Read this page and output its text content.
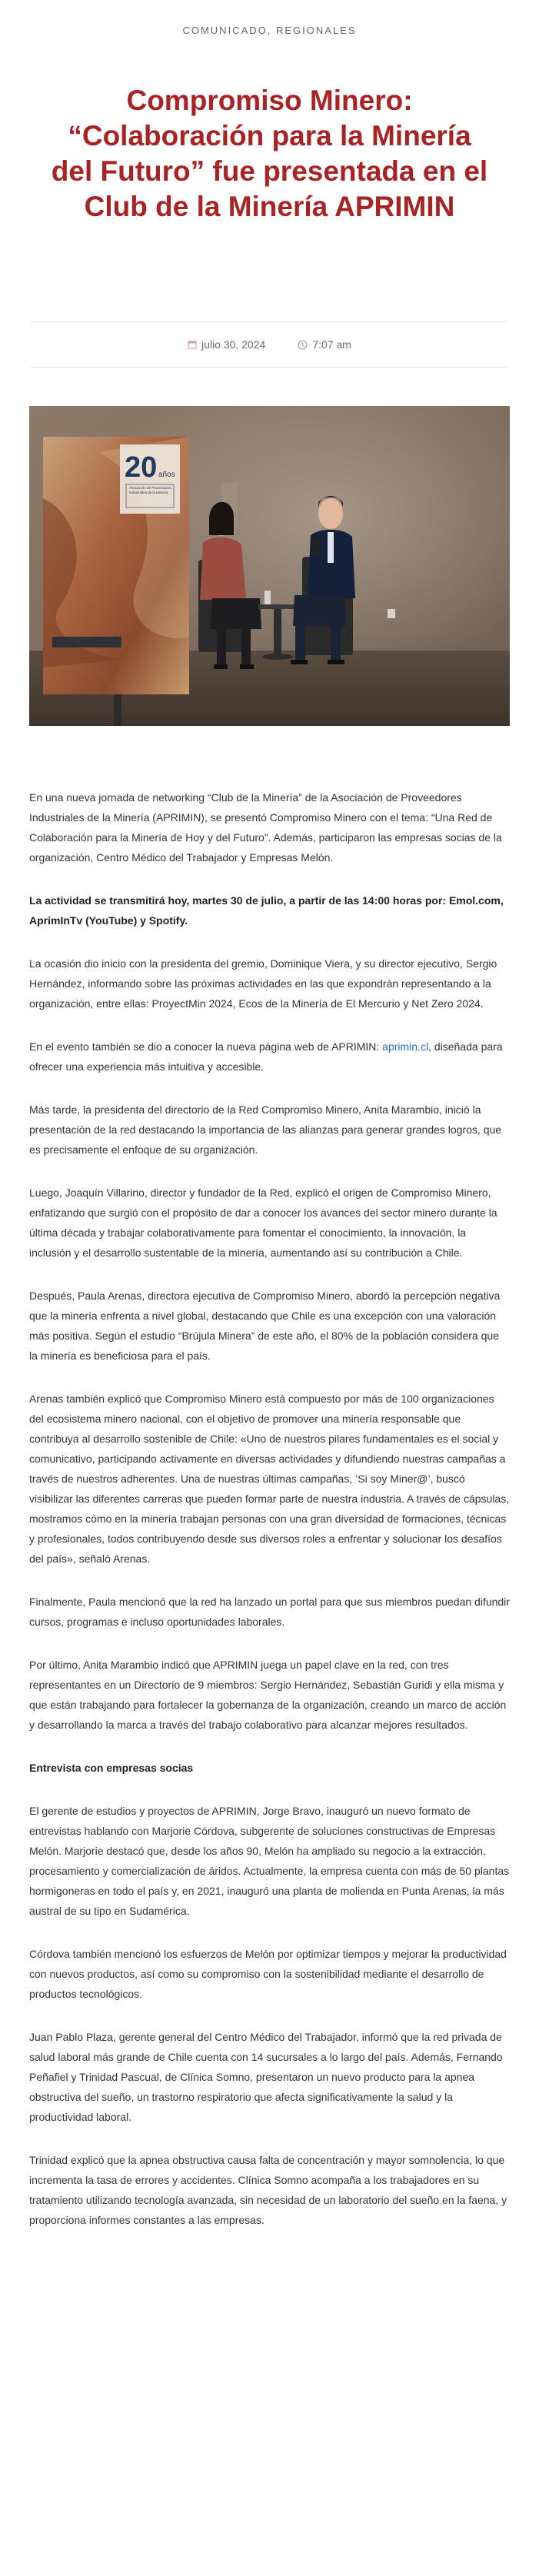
COMUNICADO, REGIONALES
Compromiso Minero: “Colaboración para la Minería del Futuro” fue presentada en el Club de la Minería APRIMIN
julio 30, 2024	7:07 am
20 años
Asociación de Proveedores Industriales de la Minería

En una nueva jornada de networking “Club de la Minería” de la Asociación de Proveedores Industriales de la Minería (APRIMIN), se presentó Compromiso Minero con el tema: “Una Red de Colaboración para la Minería de Hoy y del Futuro”. Además, participaron las empresas socias de la organización, Centro Médico del Trabajador y Empresas Melón.

La actividad se transmitirá hoy, martes 30 de julio, a partir de las 14:00 horas por: Emol.com, AprimInTv (YouTube) y Spotify.

La ocasión dio inicio con la presidenta del gremio, Dominique Viera, y su director ejecutivo, Sergio Hernández, informando sobre las próximas actividades en las que expondrán representando a la organización, entre ellas: ProyectMin 2024, Ecos de la Minería de El Mercurio y Net Zero 2024.

En el evento también se dio a conocer la nueva página web de APRIMIN: aprimin.cl, diseñada para ofrecer una experiencia más intuitiva y accesible.

Más tarde, la presidenta del directorio de la Red Compromiso Minero, Anita Marambio, inició la presentación de la red destacando la importancia de las alianzas para generar grandes logros, que es precisamente el enfoque de su organización.

Luego, Joaquín Villarino, director y fundador de la Red, explicó el origen de Compromiso Minero, enfatizando que surgió con el propósito de dar a conocer los avances del sector minero durante la última década y trabajar colaborativamente para fomentar el conocimiento, la innovación, la inclusión y el desarrollo sustentable de la minería, aumentando así su contribución a Chile.

Después, Paula Arenas, directora ejecutiva de Compromiso Minero, abordó la percepción negativa que la minería enfrenta a nivel global, destacando que Chile es una excepción con una valoración más positiva. Según el estudio “Brújula Minera” de este año, el 80% de la población considera que la minería es beneficiosa para el país.

Arenas también explicó que Compromiso Minero está compuesto por más de 100 organizaciones del ecosistema minero nacional, con el objetivo de promover una minería responsable que contribuya al desarrollo sostenible de Chile: «Uno de nuestros pilares fundamentales es el social y comunicativo, participando activamente en diversas actividades y difundiendo nuestras campañas a través de nuestros adherentes. Una de nuestras últimas campañas, ‘Si soy Miner@’, buscó visibilizar las diferentes carreras que pueden formar parte de nuestra industria. A través de cápsulas, mostramos cómo en la minería trabajan personas con una gran diversidad de formaciones, técnicas y profesionales, todos contribuyendo desde sus diversos roles a enfrentar y solucionar los desafíos del país», señaló Arenas.

Finalmente, Paula mencionó que la red ha lanzado un portal para que sus miembros puedan difundir cursos, programas e incluso oportunidades laborales.

Por último, Anita Marambio indicó que APRIMIN juega un papel clave en la red, con tres representantes en un Directorio de 9 miembros: Sergio Hernández, Sebastián Guridi y ella misma y que están trabajando para fortalecer la gobernanza de la organización, creando un marco de acción y desarrollando la marca a través del trabajo colaborativo para alcanzar mejores resultados.

Entrevista con empresas socias

El gerente de estudios y proyectos de APRIMIN, Jorge Bravo, inauguró un nuevo formato de entrevistas hablando con Marjorie Córdova, subgerente de soluciones constructivas de Empresas Melón. Marjorie destacó que, desde los años 90, Melón ha ampliado su negocio a la extracción, procesamiento y comercialización de áridos. Actualmente, la empresa cuenta con más de 50 plantas hormigoneras en todo el país y, en 2021, inauguró una planta de molienda en Punta Arenas, la más austral de su tipo en Sudamérica.

Córdova también mencionó los esfuerzos de Melón por optimizar tiempos y mejorar la productividad con nuevos productos, así como su compromiso con la sostenibilidad mediante el desarrollo de productos tecnológicos.

Juan Pablo Plaza, gerente general del Centro Médico del Trabajador, informó que la red privada de salud laboral más grande de Chile cuenta con 14 sucursales a lo largo del país. Además, Fernando Peñafiel y Trinidad Pascual, de Clínica Somno, presentaron un nuevo producto para la apnea obstructiva del sueño, un trastorno respiratorio que afecta significativamente la salud y la productividad laboral.

Trinidad explicó que la apnea obstructiva causa falta de concentración y mayor somnolencia, lo que incrementa la tasa de errores y accidentes. Clínica Somno acompaña a los trabajadores en su tratamiento utilizando tecnología avanzada, sin necesidad de un laboratorio del sueño en la faena, y proporciona informes constantes a las empresas.
